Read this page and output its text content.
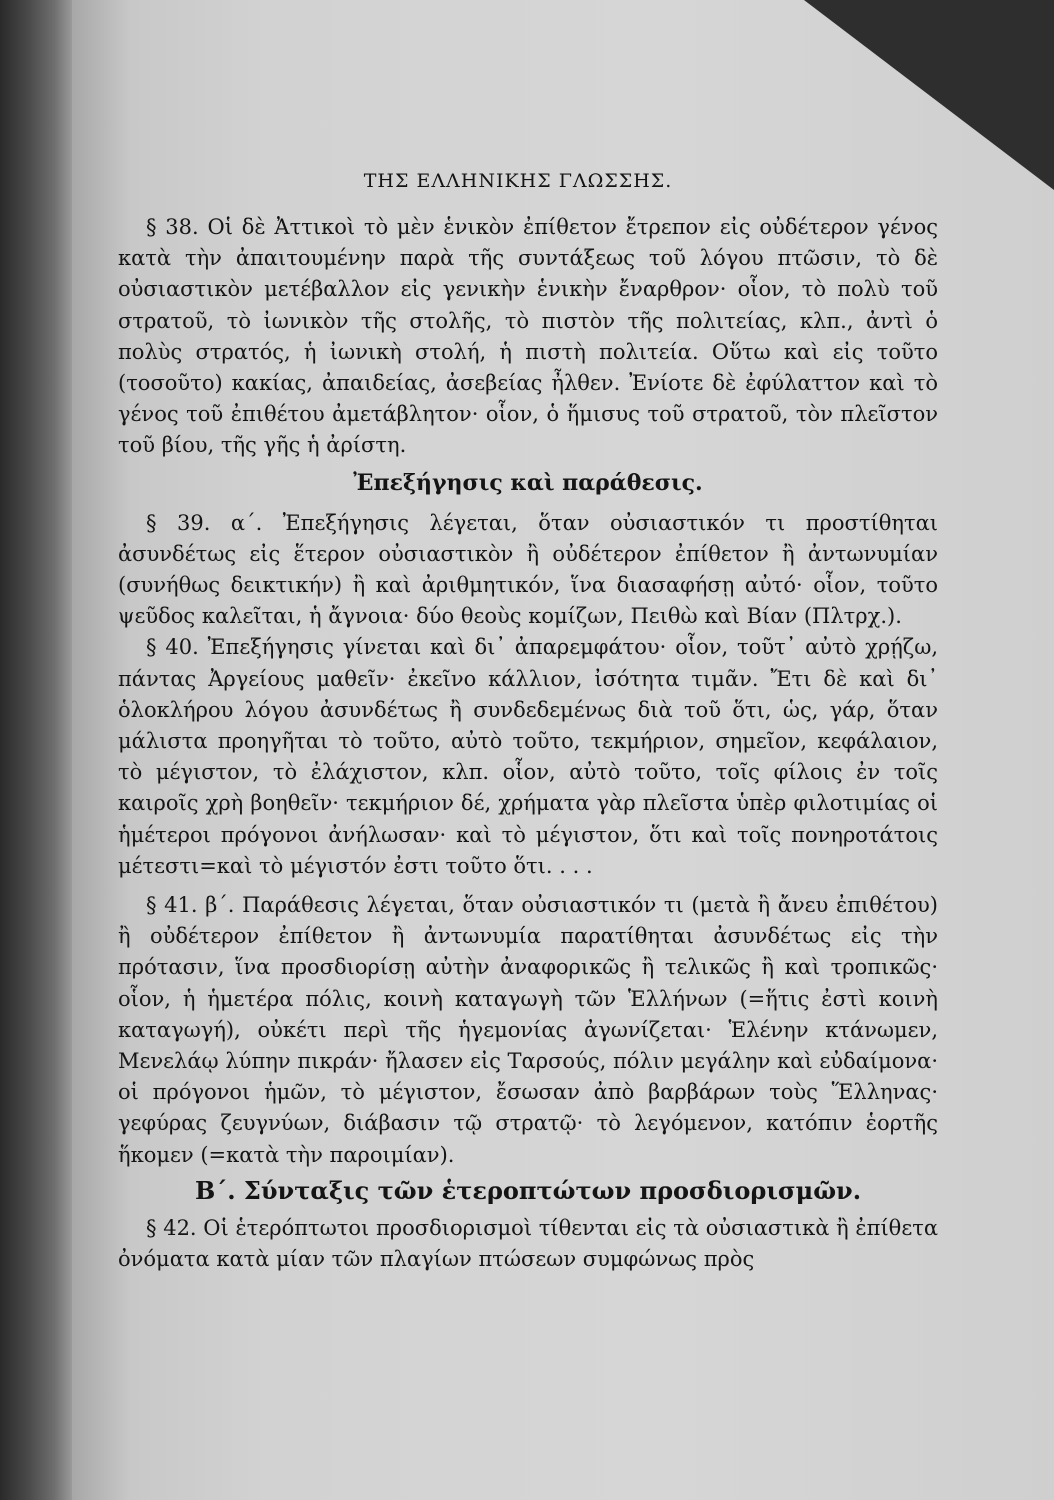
ΤΗΣ ΕΛΛΗΝΙΚΗΣ ΓΛΩΣΣΗΣ.

§ 38. Οἱ δὲ Ἀττικοὶ τὸ μὲν ἑνικὸν ἐπίθετον ἔτρεπον εἰς οὐδέτερον γένος κατὰ τὴν ἀπαιτουμένην παρὰ τῆς συντάξεως τοῦ λόγου πτῶσιν, τὸ δὲ οὐσιαστικὸν μετέβαλλον εἰς γενικὴν ἑνικὴν ἔναρθρον· οἷον, τὸ πολὺ τοῦ στρατοῦ, τὸ ἰωνικὸν τῆς στολῆς, τὸ πιστὸν τῆς πολιτείας, κλπ., ἀντὶ ὁ πολὺς στρατός, ἡ ἰωνικὴ στολή, ἡ πιστὴ πολιτεία. Οὕτω καὶ εἰς τοῦτο (τοσοῦτο) κακίας, ἀπαιδείας, ἀσεβείας ἦλθεν. Ἐνίοτε δὲ ἐφύλαττον καὶ τὸ γένος τοῦ ἐπιθέτου ἀμετάβλητον· οἷον, ὁ ἥμισυς τοῦ στρατοῦ, τὸν πλεῖστον τοῦ βίου, τῆς γῆς ἡ ἀρίστη.

Ἐπεξήγησις καὶ παράθεσις.

§ 39. α΄. Ἐπεξήγησις λέγεται, ὅταν οὐσιαστικόν τι προστίθηται ἀσυνδέτως εἰς ἕτερον οὐσιαστικὸν ἢ οὐδέτερον ἐπίθετον ἢ ἀντωνυμίαν (συνήθως δεικτικήν) ἢ καὶ ἀριθμητικόν, ἵνα διασαφήσῃ αὐτό· οἷον, τοῦτο ψεῦδος καλεῖται, ἡ ἄγνοια· δύο θεοὺς κομίζων, Πειθὼ καὶ Βίαν (Πλτρχ.).

§ 40. Ἐπεξήγησις γίνεται καὶ δι᾽ ἀπαρεμφάτου· οἷον, τοῦτ᾽ αὐτὸ χρῄζω, πάντας Ἀργείους μαθεῖν· ἐκεῖνο κάλλιον, ἰσότητα τιμᾶν. Ἔτι δὲ καὶ δι᾽ ὁλοκλήρου λόγου ἀσυνδέτως ἢ συνδεδεμένως διὰ τοῦ ὅτι, ὡς, γάρ, ὅταν μάλιστα προηγῆται τὸ τοῦτο, αὐτὸ τοῦτο, τεκμήριον, σημεῖον, κεφάλαιον, τὸ μέγιστον, τὸ ἐλάχιστον, κλπ. οἷον, αὐτὸ τοῦτο, τοῖς φίλοις ἐν τοῖς καιροῖς χρὴ βοηθεῖν· τεκμήριον δέ, χρήματα γὰρ πλεῖστα ὑπὲρ φιλοτιμίας οἱ ἡμέτεροι πρόγονοι ἀνήλωσαν· καὶ τὸ μέγιστον, ὅτι καὶ τοῖς πονηροτάτοις μέτεστι=καὶ τὸ μέγιστόν ἐστι τοῦτο ὅτι. . . .

§ 41. β΄. Παράθεσις λέγεται, ὅταν οὐσιαστικόν τι (μετὰ ἢ ἄνευ ἐπιθέτου) ἢ οὐδέτερον ἐπίθετον ἢ ἀντωνυμία παρατίθηται ἀσυνδέτως εἰς τὴν πρότασιν, ἵνα προσδιορίσῃ αὐτὴν ἀναφορικῶς ἢ τελικῶς ἢ καὶ τροπικῶς· οἷον, ἡ ἡμετέρα πόλις, κοινὴ καταγωγὴ τῶν Ἑλλήνων (=ἥτις ἐστὶ κοινὴ καταγωγή), οὐκέτι περὶ τῆς ἡγεμονίας ἀγωνίζεται· Ἑλένην κτάνωμεν, Μενελάῳ λύπην πικράν· ἤλασεν εἰς Ταρσούς, πόλιν μεγάλην καὶ εὐδαίμονα· οἱ πρόγονοι ἡμῶν, τὸ μέγιστον, ἔσωσαν ἀπὸ βαρβάρων τοὺς Ἕλληνας· γεφύρας ζευγνύων, διάβασιν τῷ στρατῷ· τὸ λεγόμενον, κατόπιν ἑορτῆς ἥκομεν (=κατὰ τὴν παροιμίαν).

Β΄. Σύνταξις τῶν ἑτεροπτώτων προσδιορισμῶν.

§ 42. Οἱ ἑτερόπτωτοι προσδιορισμοὶ τίθενται εἰς τὰ οὐσιαστικὰ ἢ ἐπίθετα ὀνόματα κατὰ μίαν τῶν πλαγίων πτώσεων συμφώνως πρὸς
